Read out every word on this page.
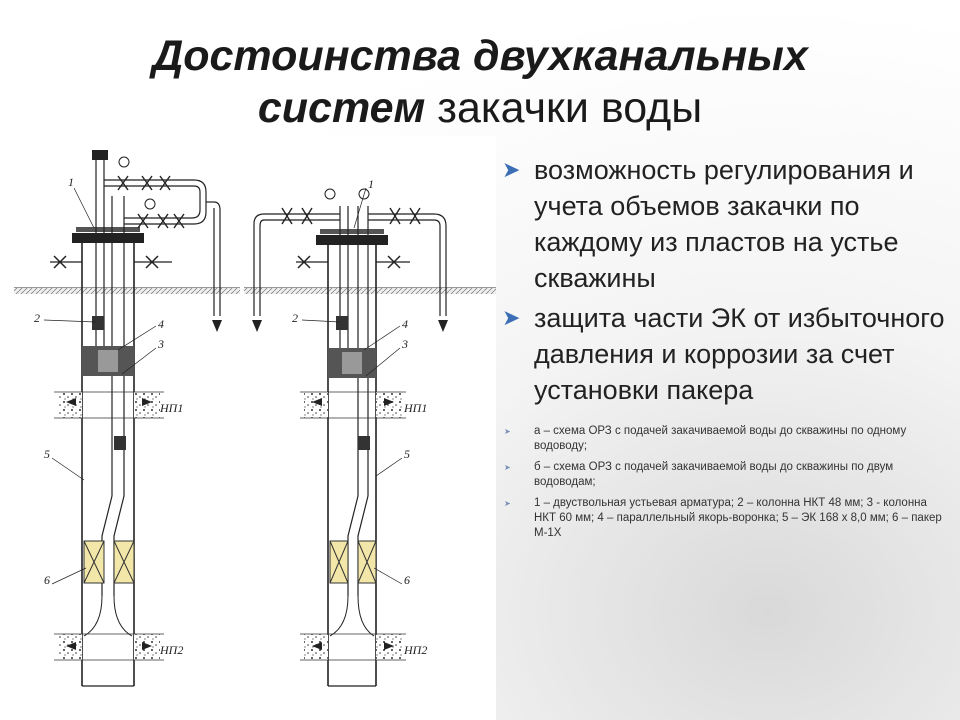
Достоинства двухканальных
систем закачки воды
1
2	4
3
5
6
НП1
НП2
1
2	4
3
5
6
НП1
НП2
➤ возможность регулирования и учета объемов закачки по каждому из пластов на устье скважины
➤ защита части ЭК от избыточного давления и коррозии за счет установки пакера
➤ а – схема ОРЗ с подачей закачиваемой воды до скважины по одному водоводу;
➤ б – схема ОРЗ с подачей закачиваемой воды до скважины по двум водоводам;
➤ 1 – двуствольная устьевая арматура; 2 – колонна НКТ 48 мм; 3 - колонна НКТ 60 мм; 4 – параллельный якорь-воронка; 5 – ЭК 168 х 8,0 мм; 6 – пакер М-1Х
